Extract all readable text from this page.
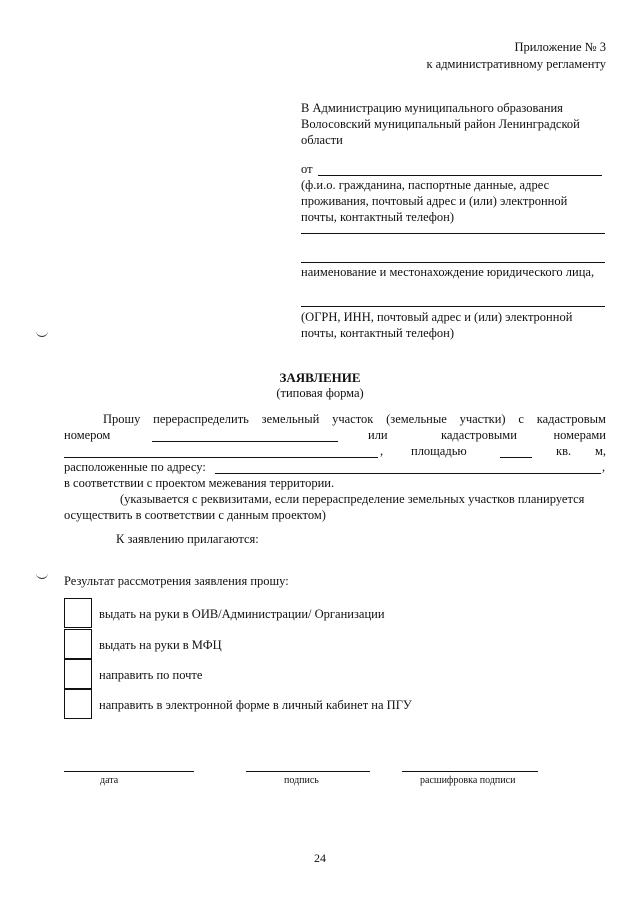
Приложение № 3
к административному регламенту
В Администрацию муниципального образования
Волосовский муниципальный район Ленинградской
области
от
(ф.и.о. гражданина, паспортные данные, адрес
проживания, почтовый адрес и (или) электронной
почты, контактный телефон)
наименование и местонахождение юридического лица,
(ОГРН, ИНН, почтовый адрес и (или) электронной
почты, контактный телефон)
ЗАЯВЛЕНИЕ
(типовая форма)
Прошу перераспределить земельный участок (земельные участки) с кадастровым
номером	или	кадастровыми	номерами
, площадью	кв. м,
расположенные по адресу:	,
в соответствии с проектом межевания территории.
(указывается с реквизитами, если перераспределение земельных участков планируется
осуществить в соответствии с данным проектом)
К заявлению прилагаются:
Результат рассмотрения заявления прошу:
выдать на руки в ОИВ/Администрации/ Организации
выдать на руки в МФЦ
направить по почте
направить в электронной форме в личный кабинет на ПГУ
дата	подпись	расшифровка подписи
24
